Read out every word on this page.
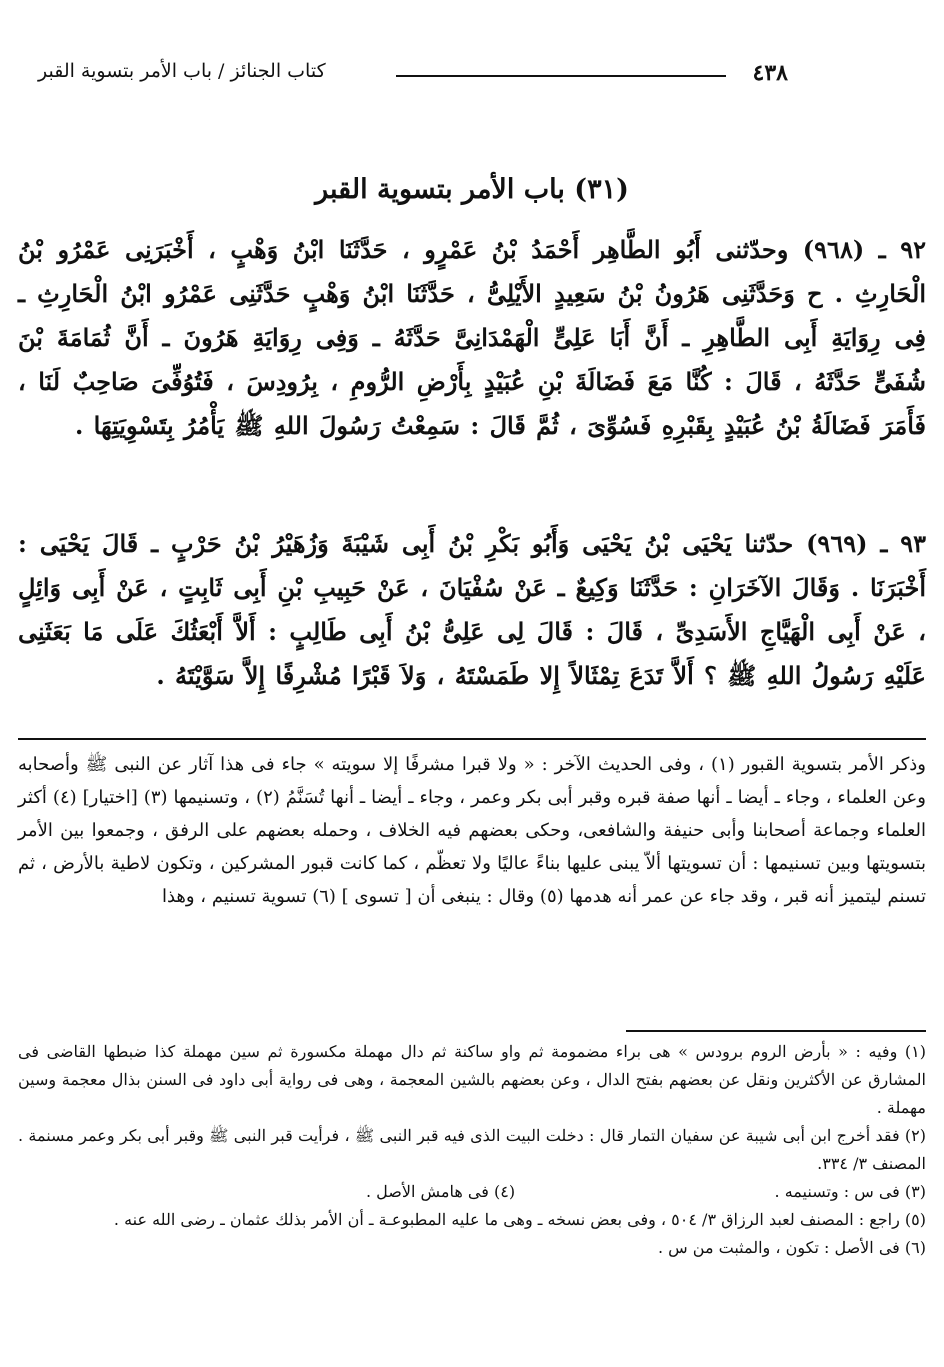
٤٣٨
كتاب الجنائز / باب الأمر بتسوية القبر
(٣١) باب الأمر بتسوية القبر

٩٢ ـ (٩٦٨) وحدّثنى أَبُو الطَّاهِر أَحْمَدُ بْنُ عَمْرٍو ، حَدَّثَنَا ابْنُ وَهْبٍ ، أَخْبَرَنِى عَمْرُو بْنُ الْحَارِثِ . ح وَحَدَّثَنِى هَرُونُ بْنُ سَعِيدٍ الأَيْلِىُّ ، حَدَّثَنَا ابْنُ وَهْبٍ حَدَّثَنِى عَمْرُو ابْنُ الْحَارِثِ ـ فِى رِوَايَةِ أَبِى الطَّاهِرِ ـ أَنَّ أَبَا عَلِىٍّ الْهَمْدَانِىَّ حَدَّثَهُ ـ وَفِى رِوَايَةِ هَرُونَ ـ أَنَّ ثُمَامَةَ بْنَ شُفَىٍّ حَدَّثَهُ ، قَالَ : كُنَّا مَعَ فَضَالَةَ بْنِ عُبَيْدٍ بِأَرْضِ الرُّومِ ، بِرُودِسَ ، فَتُوُفِّىَ صَاحِبٌ لَنَا ، فَأَمَرَ فَضَالَةُ بْنُ عُبَيْدٍ بِقَبْرِهِ فَسُوِّىَ ، ثُمَّ قَالَ : سَمِعْتُ رَسُولَ اللهِ ﷺ يَأْمُرُ بِتَسْوِيَتِهَا .

٩٣ ـ (٩٦٩) حدّثنا يَحْيَى بْنُ يَحْيَى وَأَبُو بَكْرِ بْنُ أَبِى شَيْبَةَ وَزُهَيْرُ بْنُ حَرْبٍ ـ قَالَ يَحْيَى : أَخْبَرَنَا . وَقَالَ الآخَرَانِ : حَدَّثَنَا وَكِيعٌ ـ عَنْ سُفْيَانَ ، عَنْ حَبِيبِ بْنِ أَبِى ثَابِتٍ ، عَنْ أَبِى وَائِلٍ ، عَنْ أَبِى الْهَيَّاجِ الأَسَدِىِّ ، قَالَ : قَالَ لِى عَلِىُّ بْنُ أَبِى طَالِبٍ : أَلاَّ أَبْعَثُكَ عَلَى مَا بَعَثَنِى عَلَيْهِ رَسُولُ اللهِ ﷺ ؟ أَلاَّ تَدَعَ تِمْثَالاً إِلا طَمَسْتَهُ ، وَلاَ قَبْرًا مُشْرِفًا إِلاَّ سَوَّيْتَهُ .

وذكر الأمر بتسوية القبور (١) ، وفى الحديث الآخر : « ولا قبرا مشرفًا إلا سويته » جاء فى هذا آثار عن النبى ﷺ وأصحابه وعن العلماء ، وجاء ـ أيضا ـ أنها صفة قبره وقبر أبى بكر وعمر ، وجاء ـ أيضا ـ أنها تُسَنَّمُ (٢) ، وتسنيمها (٣) [اختيار] (٤) أكثر العلماء وجماعة أصحابنا وأبى حنيفة والشافعى، وحكى بعضهم فيه الخلاف ، وحمله بعضهم على الرفق ، وجمعوا بين الأمر بتسويتها وبين تسنيمها : أن تسويتها ألاّ يبنى عليها بناءً عاليًا ولا تعظّم ، كما كانت قبور المشركين ، وتكون لاطية بالأرض ، ثم تسنم ليتميز أنه قبر ، وقد جاء عن عمر أنه هدمها (٥) وقال : ينبغى أن [ تسوى ] (٦) تسوية تسنيم ، وهذا

(١) وفيه : « بأرض الروم برودس » هى براء مضمومة ثم واو ساكنة ثم دال مهملة مكسورة ثم سين مهملة كذا ضبطها القاضى فى المشارق عن الأكثرين ونقل عن بعضهم بفتح الدال ، وعن بعضهم بالشين المعجمة ، وهى فى رواية أبى داود فى السنن بذال معجمة وسين مهملة .
(٢) فقد أخرج ابن أبى شيبة عن سفيان التمار قال : دخلت البيت الذى فيه قبر النبى ﷺ ، فرأيت قبر النبى ﷺ وقبر أبى بكر وعمر مسنمة . المصنف ٣/ ٣٣٤.
(٣) فى س : وتسنيمه .
(٤) فى هامش الأصل .
(٥) راجع : المصنف لعبد الرزاق ٣/ ٥٠٤ ، وفى بعض نسخه ـ وهى ما عليه المطبوعـة ـ أن الأمر بذلك عثمان ـ رضى الله عنه .
(٦) فى الأصل : تكون ، والمثبت من س .
